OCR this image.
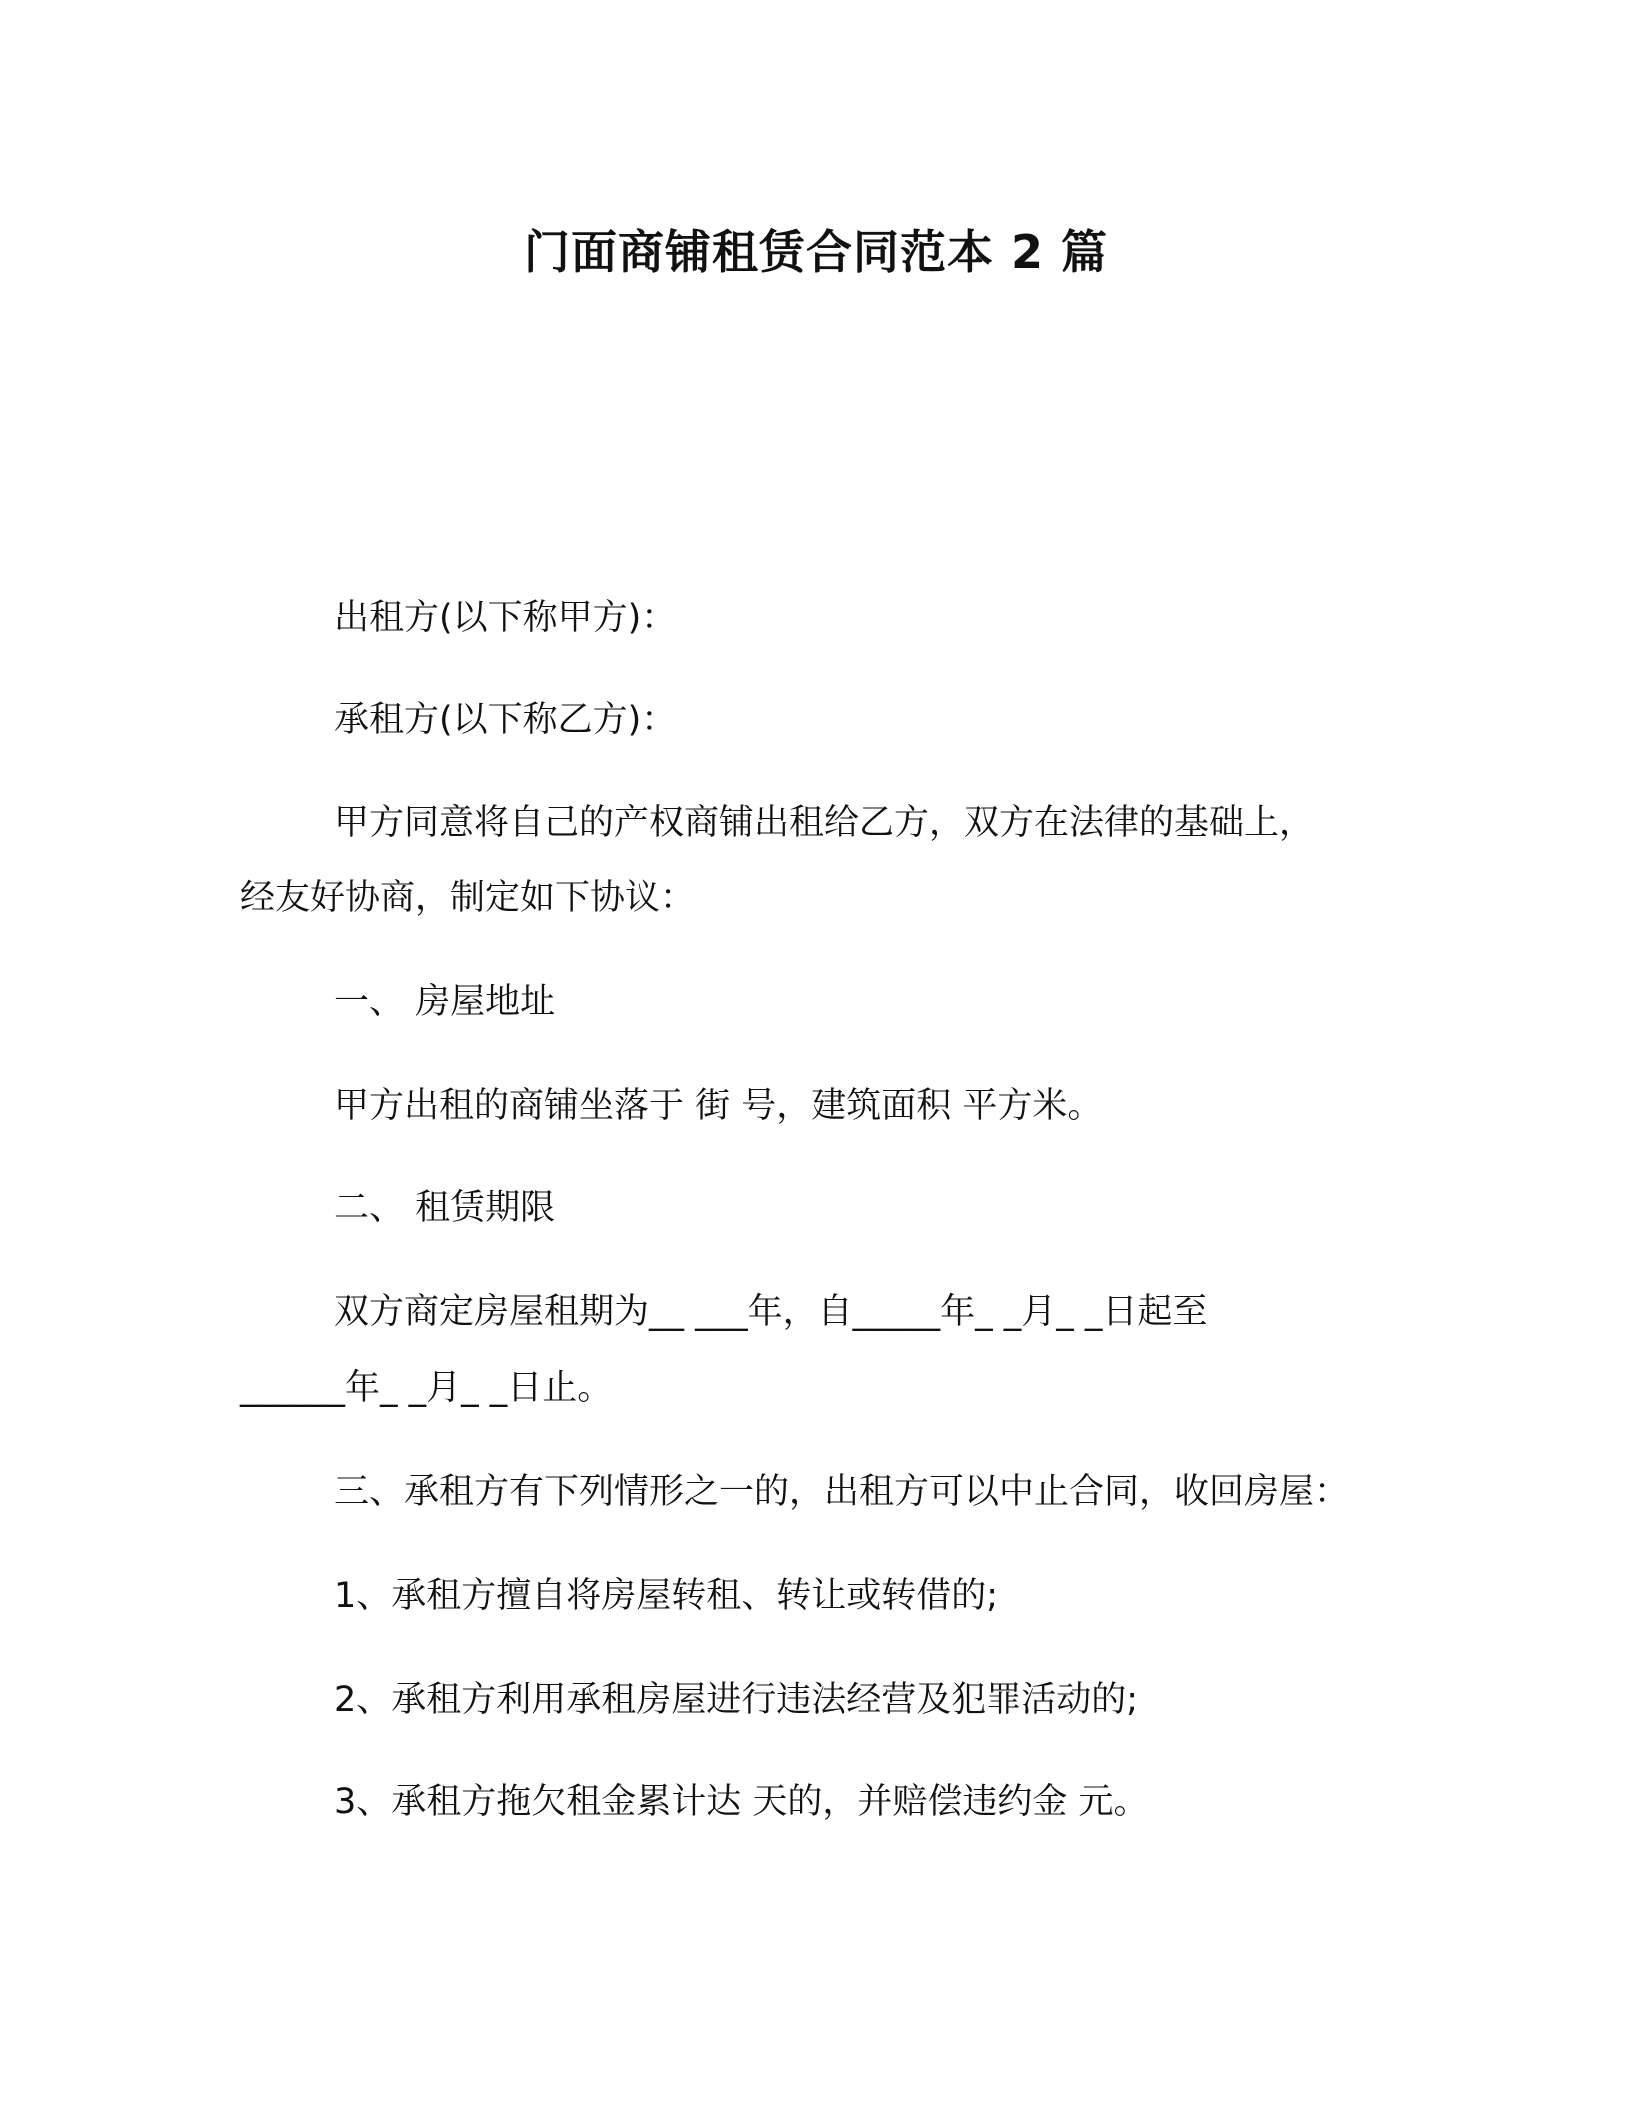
门面商铺租赁合同范本 2 篇
出租方(以下称甲方)：
承租方(以下称乙方)：
甲方同意将自己的产权商铺出租给乙方，双方在法律的基础上，
经友好协商，制定如下协议：
一、 房屋地址
甲方出租的商铺坐落于 街 号，建筑面积 平方米。
二、 租赁期限
双方商定房屋租期为__ ___年，自_____年_ _月_ _日起至
______年_ _月_ _日止。
三、承租方有下列情形之一的，出租方可以中止合同，收回房屋：
1、承租方擅自将房屋转租、转让或转借的;
2、承租方利用承租房屋进行违法经营及犯罪活动的;
3、承租方拖欠租金累计达 天的，并赔偿违约金 元。
